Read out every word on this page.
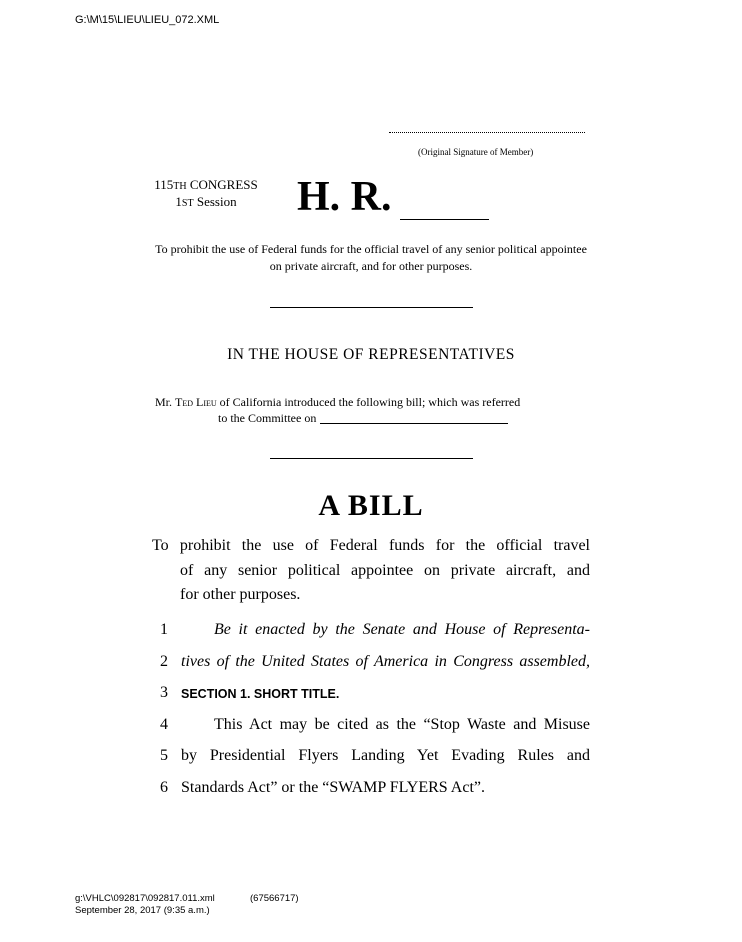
G:\M\15\LIEU\LIEU_072.XML
(Original Signature of Member)
115TH CONGRESS
1ST Session	H. R.
To prohibit the use of Federal funds for the official travel of any senior political appointee on private aircraft, and for other purposes.
IN THE HOUSE OF REPRESENTATIVES
Mr. Ted Lieu of California introduced the following bill; which was referred
to the Committee on
A BILL
To prohibit the use of Federal funds for the official travel
of any senior political appointee on private aircraft, and
for other purposes.
1	Be it enacted by the Senate and House of Representa-
2 tives of the United States of America in Congress assembled,
3 SECTION 1. SHORT TITLE.
4	This Act may be cited as the “Stop Waste and Misuse
5 by Presidential Flyers Landing Yet Evading Rules and
6 Standards Act” or the “SWAMP FLYERS Act”.
g:\VHLC\092817\092817.011.xml
September 28, 2017 (9:35 a.m.)
(67566717)
